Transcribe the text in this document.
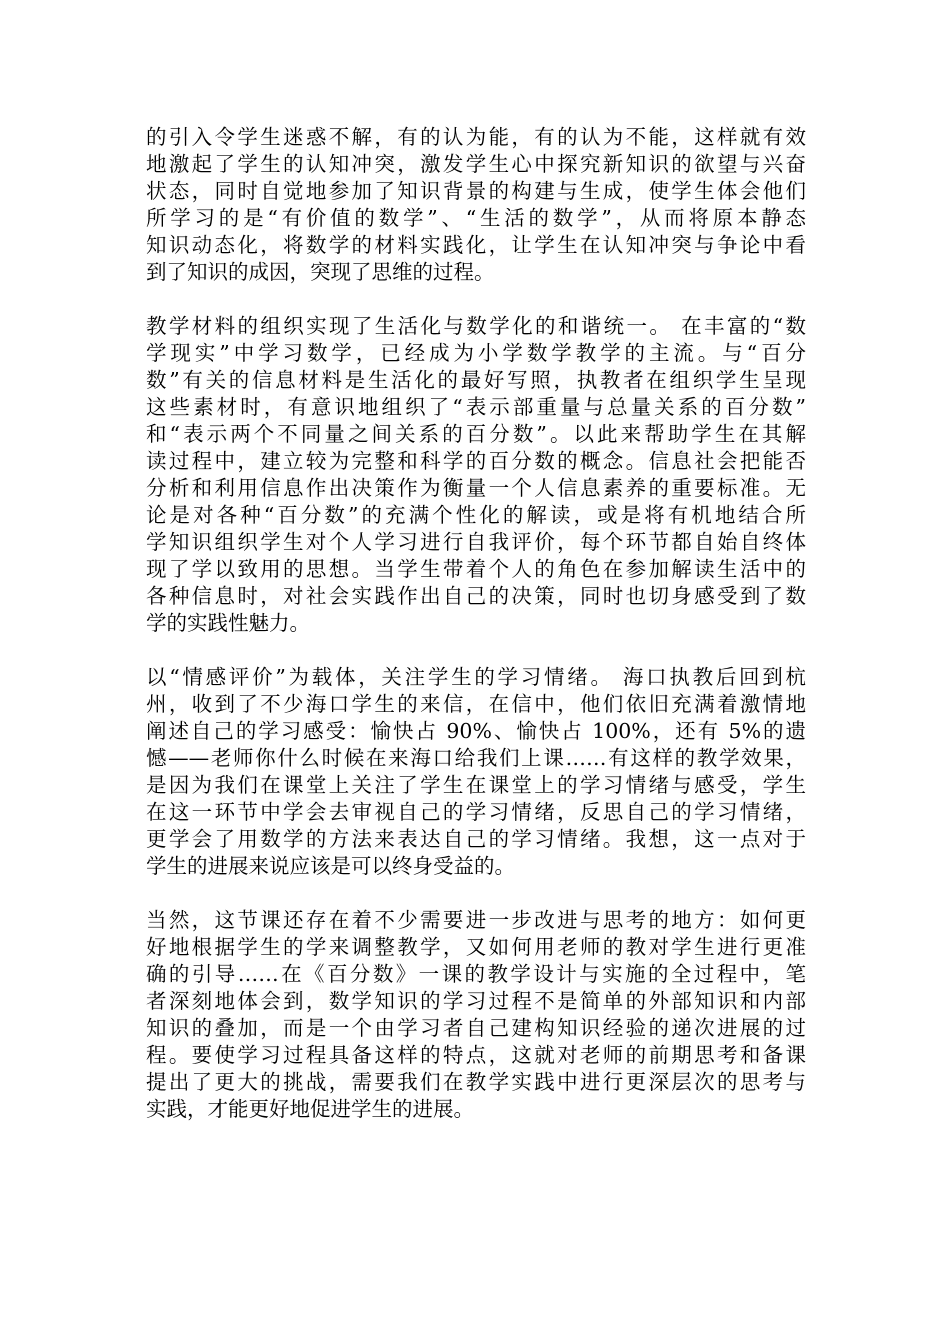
的引入令学生迷惑不解，有的认为能，有的认为不能，这样就有效
地激起了学生的认知冲突，激发学生心中探究新知识的欲望与兴奋
状态，同时自觉地参加了知识背景的构建与生成，使学生体会他们
所学习的是“有价值的数学”、“生活的数学”，从而将原本静态
知识动态化，将数学的材料实践化，让学生在认知冲突与争论中看
到了知识的成因，突现了思维的过程。

教学材料的组织实现了生活化与数学化的和谐统一。 在丰富的“数
学现实”中学习数学，已经成为小学数学教学的主流。与“百分
数”有关的信息材料是生活化的最好写照，执教者在组织学生呈现
这些素材时，有意识地组织了“表示部重量与总量关系的百分数”
和“表示两个不同量之间关系的百分数”。以此来帮助学生在其解
读过程中，建立较为完整和科学的百分数的概念。信息社会把能否
分析和利用信息作出决策作为衡量一个人信息素养的重要标准。无
论是对各种“百分数”的充满个性化的解读，或是将有机地结合所
学知识组织学生对个人学习进行自我评价，每个环节都自始自终体
现了学以致用的思想。当学生带着个人的角色在参加解读生活中的
各种信息时，对社会实践作出自己的决策，同时也切身感受到了数
学的实践性魅力。

以“情感评价”为载体，关注学生的学习情绪。 海口执教后回到杭
州，收到了不少海口学生的来信，在信中，他们依旧充满着激情地
阐述自己的学习感受：愉快占 90%、愉快占 100%，还有 5%的遗
憾——老师你什么时候在来海口给我们上课……有这样的教学效果，
是因为我们在课堂上关注了学生在课堂上的学习情绪与感受，学生
在这一环节中学会去审视自己的学习情绪，反思自己的学习情绪，
更学会了用数学的方法来表达自己的学习情绪。我想，这一点对于
学生的进展来说应该是可以终身受益的。

当然，这节课还存在着不少需要进一步改进与思考的地方：如何更
好地根据学生的学来调整教学，又如何用老师的教对学生进行更准
确的引导……在《百分数》一课的教学设计与实施的全过程中，笔
者深刻地体会到，数学知识的学习过程不是简单的外部知识和内部
知识的叠加，而是一个由学习者自己建构知识经验的递次进展的过
程。要使学习过程具备这样的特点，这就对老师的前期思考和备课
提出了更大的挑战，需要我们在教学实践中进行更深层次的思考与
实践，才能更好地促进学生的进展。
